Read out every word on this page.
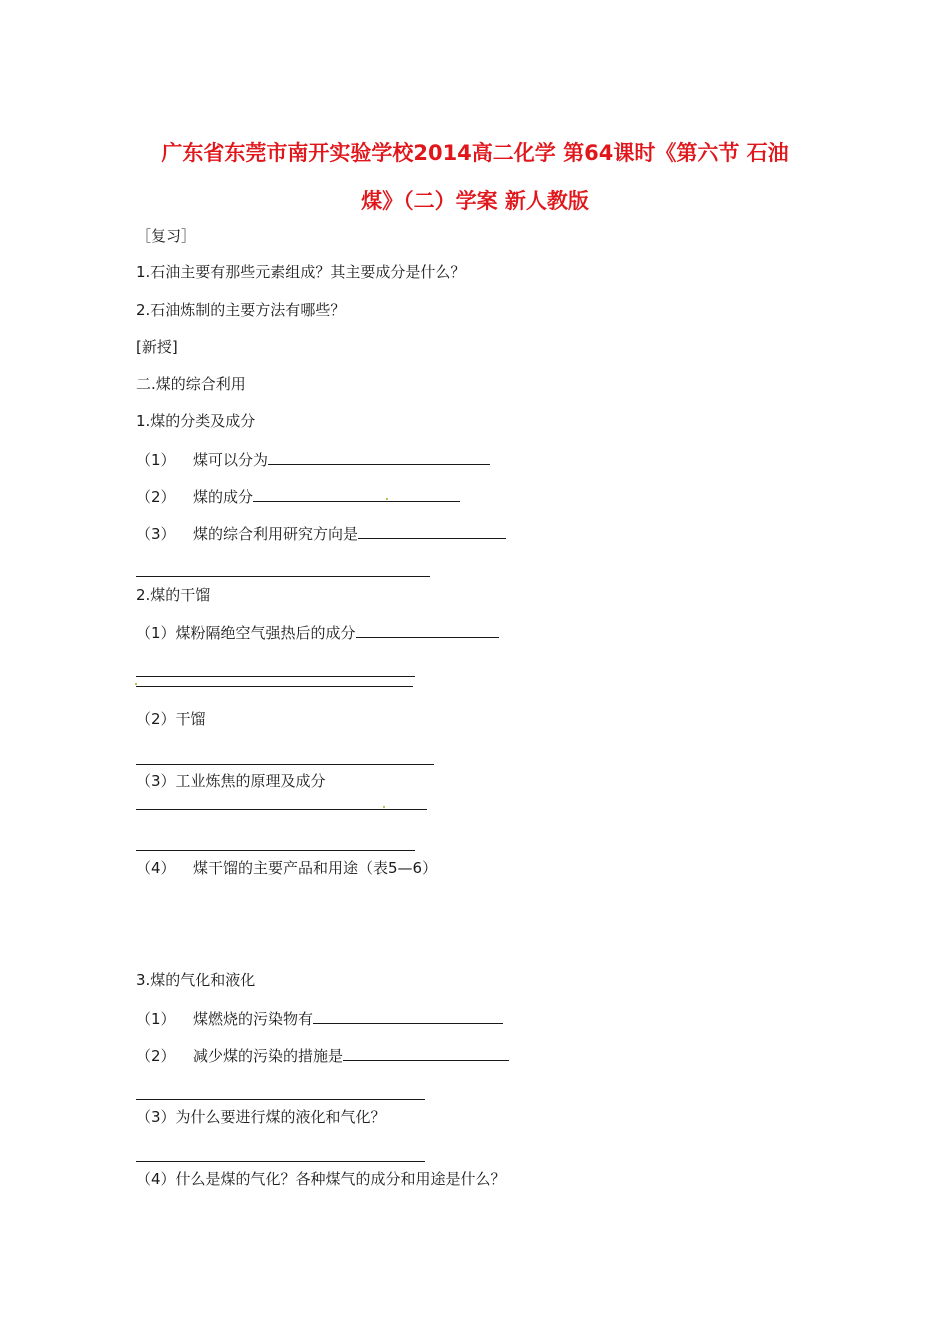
广东省东莞市南开实验学校2014高二化学 第64课时《第六节 石油
煤》（二）学案 新人教版
［复习］
1.石油主要有那些元素组成？其主要成分是什么？
2.石油炼制的主要方法有哪些？
[新授]
二.煤的综合利用
1.煤的分类及成分
（1） 煤可以分为
（2） 煤的成分
（3） 煤的综合利用研究方向是
2.煤的干馏
（1）煤粉隔绝空气强热后的成分
（2）干馏
（3）工业炼焦的原理及成分
（4） 煤干馏的主要产品和用途（表5—6）
3.煤的气化和液化
（1） 煤燃烧的污染物有
（2） 减少煤的污染的措施是
（3）为什么要进行煤的液化和气化？
（4）什么是煤的气化？各种煤气的成分和用途是什么？
